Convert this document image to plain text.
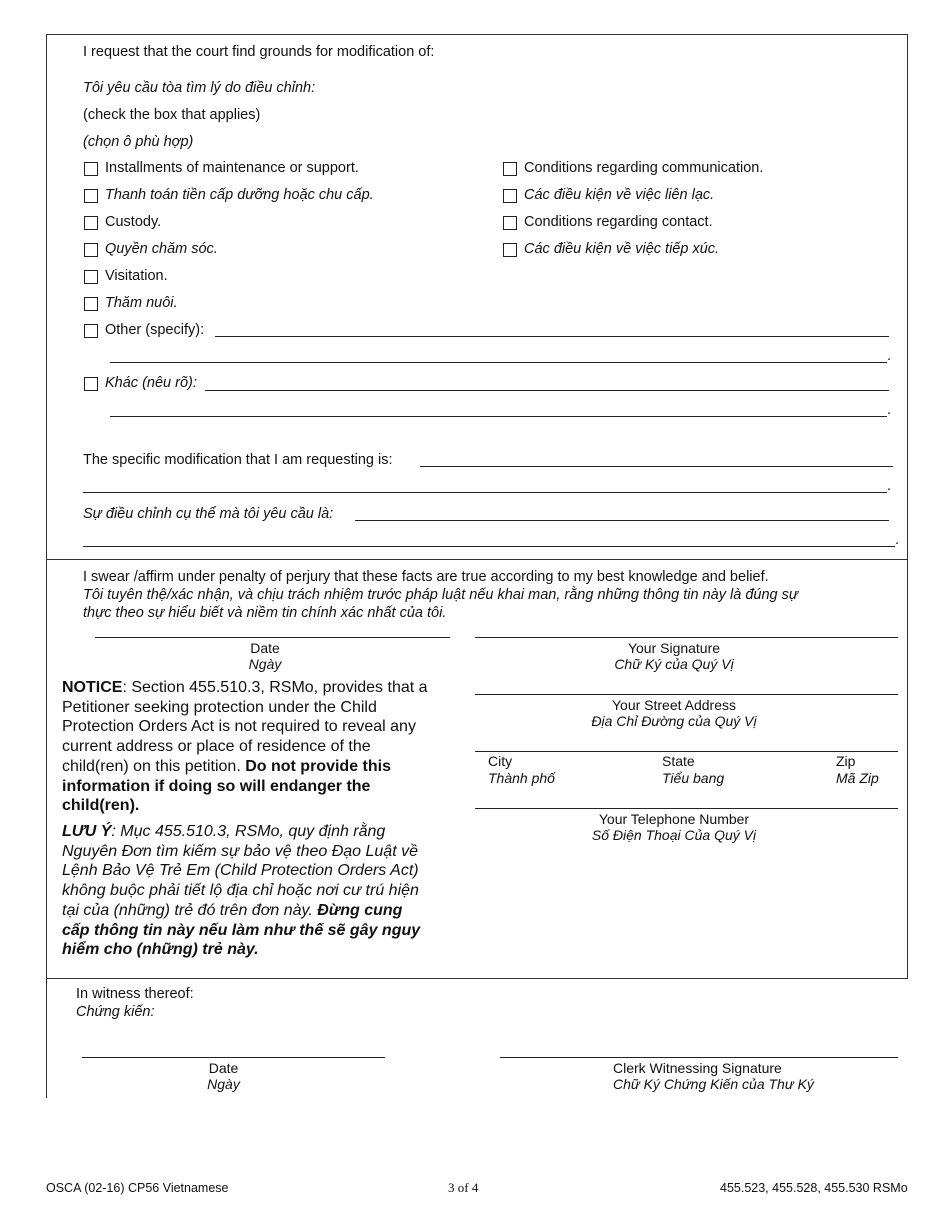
I request that the court find grounds for modification of:
Tôi yêu cầu tòa tìm lý do điều chỉnh:
(check the box that applies)
(chọn ô phù hợp)
Installments of maintenance or support.
Thanh toán tiền cấp dưỡng hoặc chu cấp.
Custody.
Quyền chăm sóc.
Visitation.
Thăm nuôi.
Conditions regarding communication.
Các điều kiện về việc liên lạc.
Conditions regarding contact.
Các điều kiện về việc tiếp xúc.
Other (specify):
.
Khác (nêu rõ):
.
The specific modification that I am requesting is:
.
Sự điều chỉnh cụ thể mà tôi yêu cầu là:
.
I swear /affirm under penalty of perjury that these facts are true according to my best knowledge and belief.
Tôi tuyên thệ/xác nhận, và chịu trách nhiệm trước pháp luật nếu khai man, rằng những thông tin này là đúng sự
thực theo sự hiểu biết và niềm tin chính xác nhất của tôi.
Date
Ngày
Your Signature
Chữ Ký của Quý Vị
Your Street Address
Địa Chỉ Đường của Quý Vị
City
Thành phố
State
Tiểu bang
Zip
Mã Zip
Your Telephone Number
Số Điện Thoại Của Quý Vị
NOTICE: Section 455.510.3, RSMo, provides that a Petitioner seeking protection under the Child Protection Orders Act is not required to reveal any current address or place of residence of the child(ren) on this petition. Do not provide this information if doing so will endanger the child(ren).
LƯU Ý: Mục 455.510.3, RSMo, quy định rằng Nguyên Đơn tìm kiếm sự bảo vệ theo Đạo Luật về Lệnh Bảo Vệ Trẻ Em (Child Protection Orders Act) không buộc phải tiết lộ địa chỉ hoặc nơi cư trú hiện tại của (những) trẻ đó trên đơn này. Đừng cung cấp thông tin này nếu làm như thế sẽ gây nguy hiểm cho (những) trẻ này.
In witness thereof:
Chứng kiến:
Date
Ngày
Clerk Witnessing Signature
Chữ Ký Chứng Kiến của Thư Ký
OSCA (02-16) CP56 Vietnamese	3 of 4	455.523, 455.528, 455.530 RSMo
